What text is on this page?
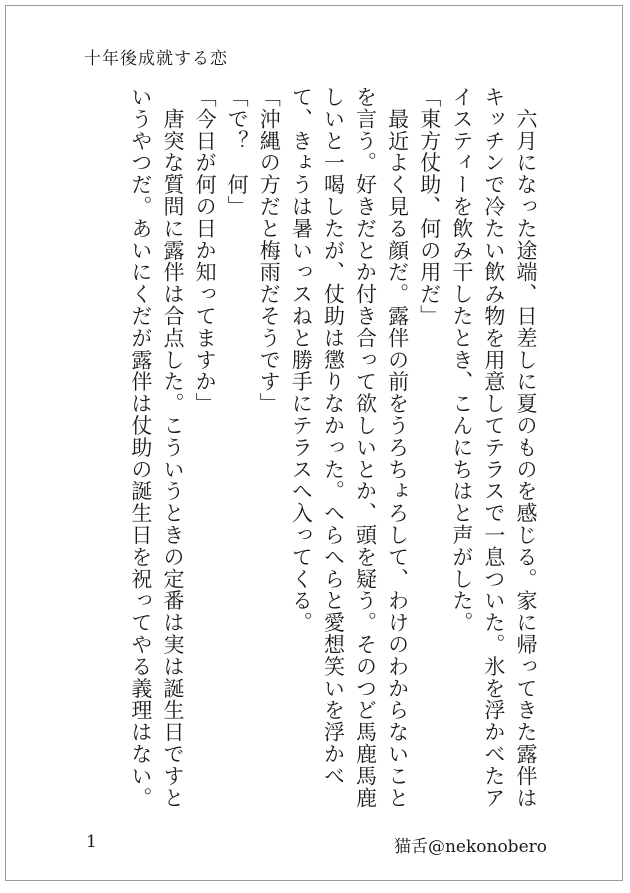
十年後成就する恋
　六月になった途端、日差しに夏のものを感じる。家に帰ってきた露伴はキッチンで冷たい飲み物を用意してテラスで一息ついた。氷を浮かべたアイスティーを飲み干したとき、こんにちはと声がした。
「東方仗助、何の用だ」
　最近よく見る顔だ。露伴の前をうろちょろして、わけのわからないことを言う。好きだとか付き合って欲しいとか、頭を疑う。そのつど馬鹿馬鹿しいと一喝したが、仗助は懲りなかった。へらへらと愛想笑いを浮かべて、きょうは暑いっスねと勝手にテラスへ入ってくる。
「沖縄の方だと梅雨だそうです」
「で？　何」
「今日が何の日か知ってますか」
　唐突な質問に露伴は合点した。こういうときの定番は実は誕生日ですというやつだ。あいにくだが露伴は仗助の誕生日を祝ってやる義理はない。
1	猫舌@nekonobero
